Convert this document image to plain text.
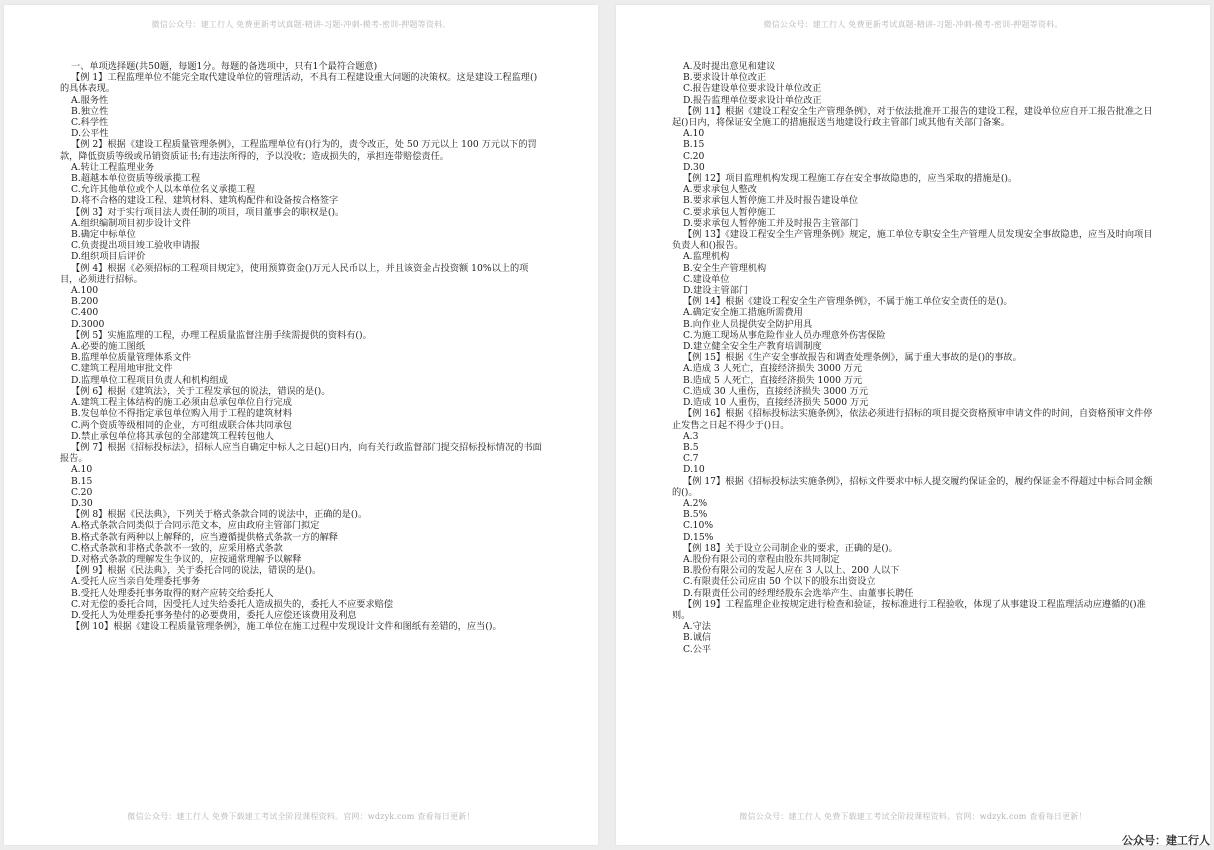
微信公众号：建工行人 免费更新考试真题-精讲-习题-冲刺-模考-密训-押题等资料。
一、单项选择题(共50题，每题1分。每题的备选项中，只有1个最符合题意)
【例 1】工程监理单位不能完全取代建设单位的管理活动，不具有工程建设重大问题的决策权。这是建设工程监理()的具体表现。
A.服务性
B.独立性
C.科学性
D.公平性
【例 2】根据《建设工程质量管理条例》，工程监理单位有()行为的，责令改正，处 50 万元以上 100 万元以下的罚款，降低资质等级或吊销资质证书;有违法所得的，予以没收；造成损失的，承担连带赔偿责任。
A.转让工程监理业务
B.超越本单位资质等级承揽工程
C.允许其他单位或个人以本单位名义承揽工程
D.将不合格的建设工程、建筑材料、建筑构配件和设备按合格签字
【例 3】对于实行项目法人责任制的项目，项目董事会的职权是()。
A.组织编制项目初步设计文件
B.确定中标单位
C.负责提出项目竣工验收申请报
D.组织项目后评价
【例 4】根据《必须招标的工程项目规定》，使用预算资金()万元人民币以上，并且该资金占投资额 10%以上的项目，必须进行招标。
A.100
B.200
C.400
D.3000
【例 5】实施监理的工程，办理工程质量监督注册手续需提供的资料有()。
A.必要的施工图纸
B.监理单位质量管理体系文件
C.建筑工程用地审批文件
D.监理单位工程项目负责人和机构组成
【例 6】根据《建筑法》，关于工程发承包的说法，错误的是()。
A.建筑工程主体结构的施工必须由总承包单位自行完成
B.发包单位不得指定承包单位购入用于工程的建筑材料
C.两个资质等级相同的企业，方可组成联合体共同承包
D.禁止承包单位将其承包的全部建筑工程转包他人
【例 7】根据《招标投标法》，招标人应当自确定中标人之日起()日内，向有关行政监督部门提交招标投标情况的书面报告。
A.10
B.15
C.20
D.30
【例 8】根据《民法典》，下列关于格式条款合同的说法中，正确的是()。
A.格式条款合同类似于合同示范文本，应由政府主管部门拟定
B.格式条款有两种以上解释的，应当遵循提供格式条款一方的解释
C.格式条款和非格式条款不一致的，应采用格式条款
D.对格式条款的理解发生争议的，应按通常理解予以解释
【例 9】根据《民法典》，关于委托合同的说法，错误的是()。
A.受托人应当亲自处理委托事务
B.受托人处理委托事务取得的财产应转交给委托人
C.对无偿的委托合同，因受托人过失给委托人造成损失的，委托人不应要求赔偿
D.受托人为处理委托事务垫付的必要费用，委托人应偿还该费用及利息
【例 10】根据《建设工程质量管理条例》，施工单位在施工过程中发现设计文件和图纸有差错的，应当()。
微信公众号：建工行人 免费下载建工考试全阶段课程资料。官网：wdzyk.com 查看每日更新！
微信公众号：建工行人 免费更新考试真题-精讲-习题-冲刺-模考-密训-押题等资料。
A.及时提出意见和建议
B.要求设计单位改正
C.报告建设单位要求设计单位改正
D.报告监理单位要求设计单位改正
【例 11】根据《建设工程安全生产管理条例》，对于依法批准开工报告的建设工程，建设单位应自开工报告批准之日起()日内，将保证安全施工的措施报送当地建设行政主管部门或其他有关部门备案。
A.10
B.15
C.20
D.30
【例 12】项目监理机构发现工程施工存在安全事故隐患的，应当采取的措施是()。
A.要求承包人整改
B.要求承包人暂停施工并及时报告建设单位
C.要求承包人暂停施工
D.要求承包人暂停施工并及时报告主管部门
【例 13】《建设工程安全生产管理条例》规定，施工单位专职安全生产管理人员发现安全事故隐患，应当及时向项目负责人和()报告。
A.监理机构
B.安全生产管理机构
C.建设单位
D.建设主管部门
【例 14】根据《建设工程安全生产管理条例》，不属于施工单位安全责任的是()。
A.确定安全施工措施所需费用
B.向作业人员提供安全防护用具
C.为施工现场从事危险作业人员办理意外伤害保险
D.建立健全安全生产教育培训制度
【例 15】根据《生产安全事故报告和调查处理条例》，属于重大事故的是()的事故。
A.造成 3 人死亡，直接经济损失 3000 万元
B.造成 5 人死亡，直接经济损失 1000 万元
C.造成 30 人重伤，直接经济损失 3000 万元
D.造成 10 人重伤，直接经济损失 5000 万元
【例 16】根据《招标投标法实施条例》，依法必须进行招标的项目提交资格预审申请文件的时间，自资格预审文件停止发售之日起不得少于()日。
A.3
B.5
C.7
D.10
【例 17】根据《招标投标法实施条例》，招标文件要求中标人提交履约保证金的，履约保证金不得超过中标合同金额的()。
A.2%
B.5%
C.10%
D.15%
【例 18】关于设立公司制企业的要求，正确的是()。
A.股份有限公司的章程由股东共同制定
B.股份有限公司的发起人应在 3 人以上、200 人以下
C.有限责任公司应由 50 个以下的股东出资设立
D.有限责任公司的经理经股东会选举产生、由董事长聘任
【例 19】工程监理企业按规定进行检查和验证，按标准进行工程验收，体现了从事建设工程监理活动应遵循的()准则。
A.守法
B.诚信
C.公平
微信公众号：建工行人 免费下载建工考试全阶段课程资料。官网：wdzyk.com 查看每日更新！
公众号：建工行人
